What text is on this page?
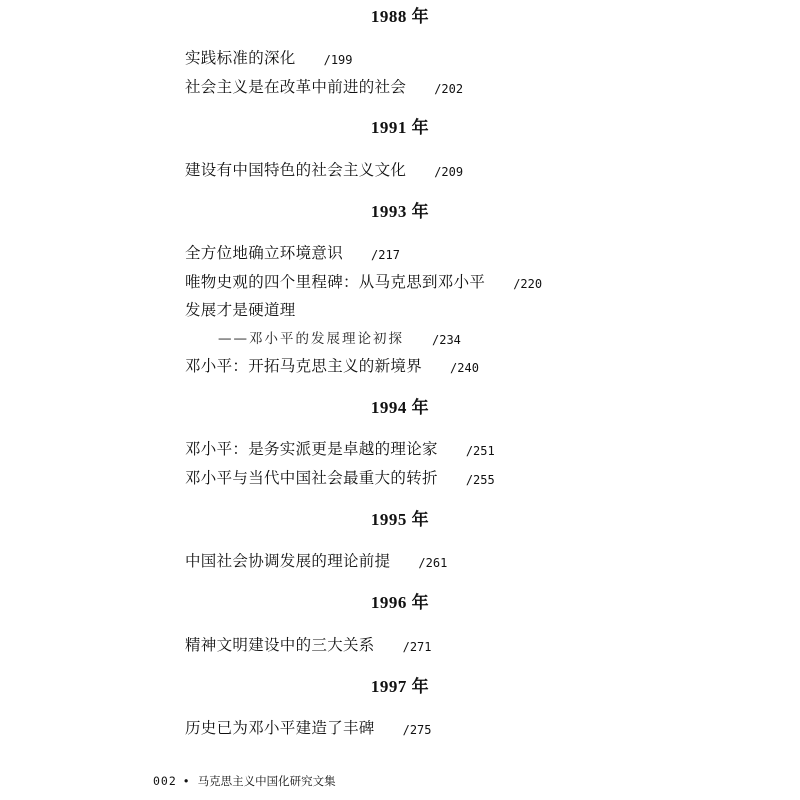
1988 年
实践标准的深化 /199
社会主义是在改革中前进的社会 /202
1991 年
建设有中国特色的社会主义文化 /209
1993 年
全方位地确立环境意识 /217
唯物史观的四个里程碑：从马克思到邓小平 /220
发展才是硬道理
——邓小平的发展理论初探 /234
邓小平：开拓马克思主义的新境界 /240
1994 年
邓小平：是务实派更是卓越的理论家 /251
邓小平与当代中国社会最重大的转折 /255
1995 年
中国社会协调发展的理论前提 /261
1996 年
精神文明建设中的三大关系 /271
1997 年
历史已为邓小平建造了丰碑 /275
002 • 马克思主义中国化研究文集
